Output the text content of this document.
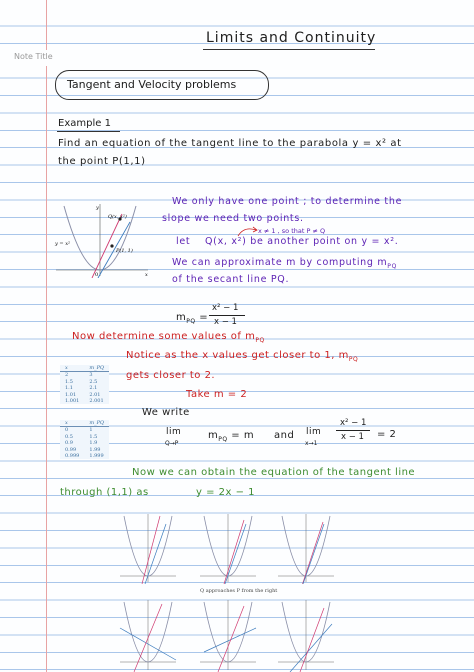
Note Title
Limits and Continuity
Tangent and Velocity problems
Example 1
Find an equation of the tangent line to the parabola y = x² at
the point P(1,1)
y
x
y = x²
Q(x, x²)
P(1, 1)
0
We only have one point ; to determine the
slope we need two points.
x ≠ 1 , so that P ≠ Q
let Q(x, x²) be another point on y = x².
We can approximate m by computing $m_{PQ}$
of the secant line PQ.
$m_{PQ}$ =
x² − 1
x − 1
Now determine some values of $m_{PQ}$
Notice as the x values get closer to 1, $m_{PQ}$
gets closer to 2.
Take m = 2
x	m_PQ
2	3
1.5	2.5
1.1	2.1
1.01	2.01
1.001	2.001
x	m_PQ
0	1
0.5	1.5
0.9	1.9
0.99	1.99
0.999	1.999
We write
lim
Q→P
$m_{PQ} = m$ and lim
x→1
x² − 1
x − 1 = 2
Now we can obtain the equation of the tangent line
through (1,1) as	y = 2x − 1
Q approaches P from the right
